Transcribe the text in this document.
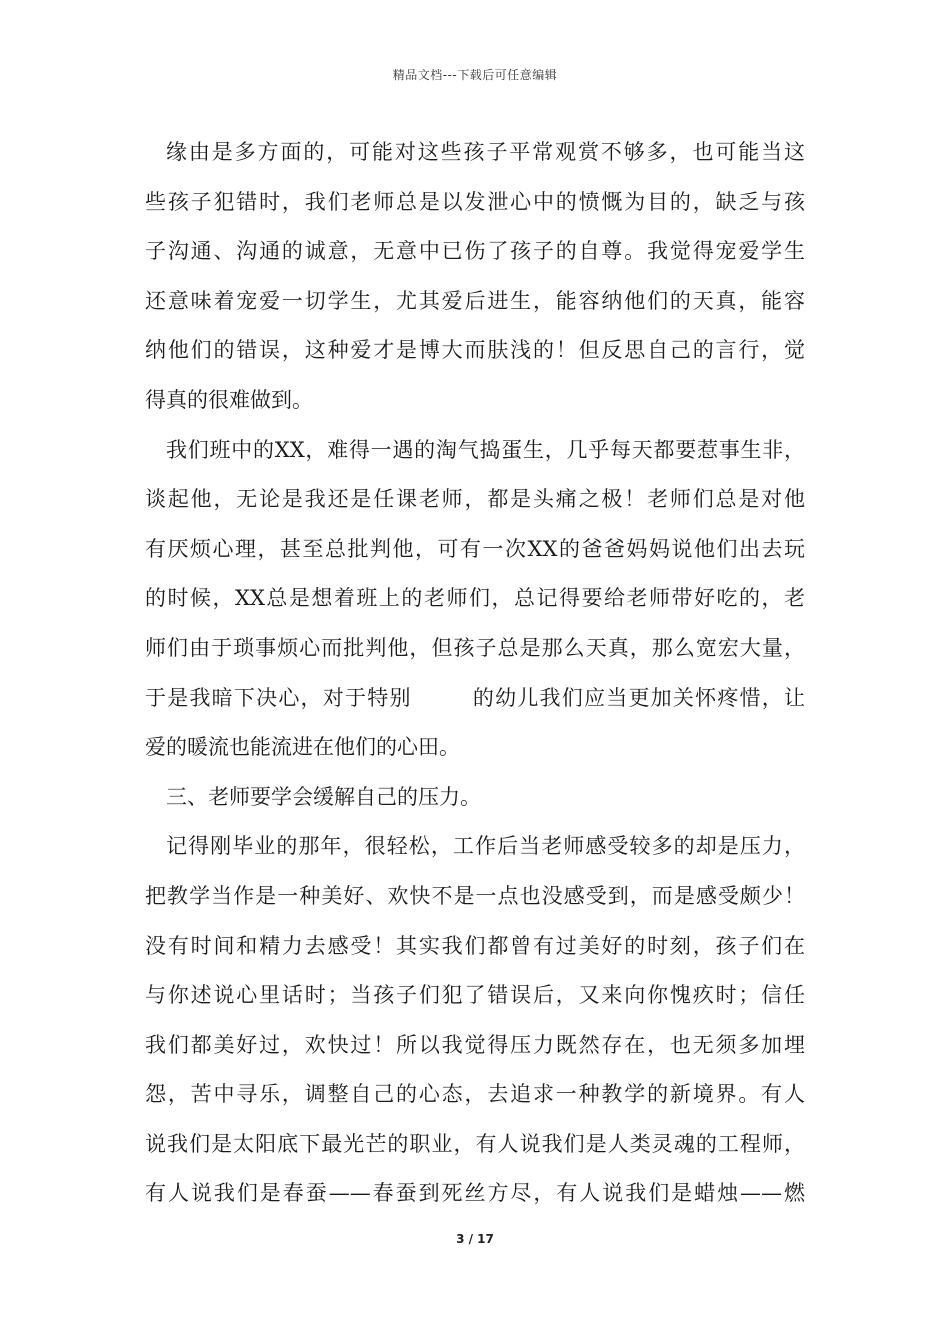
精品文档---下载后可任意编辑
缘由是多方面的，可能对这些孩子平常观赏不够多，也可能当这
些孩子犯错时，我们老师总是以发泄心中的愤慨为目的，缺乏与孩
子沟通、沟通的诚意，无意中已伤了孩子的自尊。我觉得宠爱学生
还意味着宠爱一切学生，尤其爱后进生，能容纳他们的天真，能容
纳他们的错误，这种爱才是博大而肤浅的！但反思自己的言行，觉
得真的很难做到。
我们班中的XX，难得一遇的淘气捣蛋生，几乎每天都要惹事生非，
谈起他，无论是我还是任课老师，都是头痛之极！老师们总是对他
有厌烦心理，甚至总批判他，可有一次XX的爸爸妈妈说他们出去玩
的时候，XX总是想着班上的老师们，总记得要给老师带好吃的，老
师们由于琐事烦心而批判他，但孩子总是那么天真，那么宽宏大量，
于是我暗下决心，对于特别	的幼儿我们应当更加关怀疼惜，让
爱的暖流也能流进在他们的心田。
三、老师要学会缓解自己的压力。
记得刚毕业的那年，很轻松，工作后当老师感受较多的却是压力，
把教学当作是一种美好、欢快不是一点也没感受到，而是感受颇少！
没有时间和精力去感受！其实我们都曾有过美好的时刻，孩子们在
与你述说心里话时；当孩子们犯了错误后，又来向你愧疚时；信任
我们都美好过，欢快过！所以我觉得压力既然存在，也无须多加埋
怨，苦中寻乐，调整自己的心态，去追求一种教学的新境界。有人
说我们是太阳底下最光芒的职业，有人说我们是人类灵魂的工程师，
有人说我们是春蚕——春蚕到死丝方尽，有人说我们是蜡烛——燃
3 / 17
